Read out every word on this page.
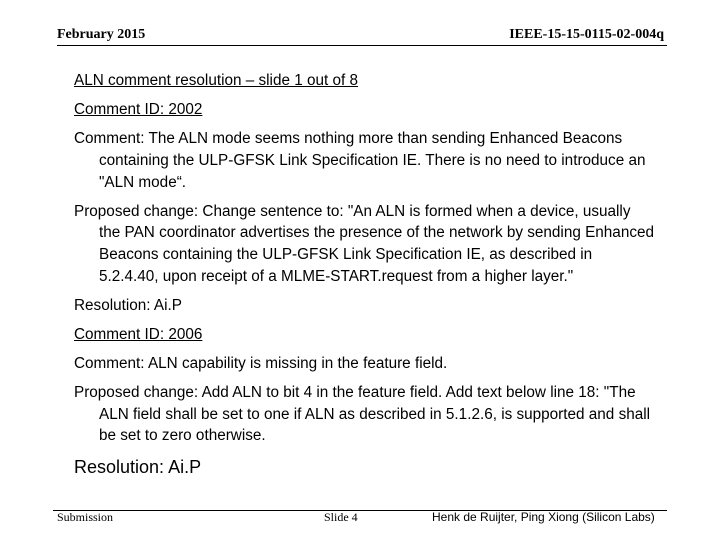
February 2015	IEEE-15-15-0115-02-004q
ALN comment resolution – slide 1 out of 8
Comment ID: 2002
Comment: The ALN mode seems nothing more than sending Enhanced Beacons containing the ULP-GFSK Link Specification IE. There is no need to introduce an "ALN mode“.
Proposed change: Change sentence to: "An ALN is formed when a device, usually the PAN coordinator advertises the presence of the network by sending Enhanced Beacons containing the ULP-GFSK Link Specification IE, as described in 5.2.4.40, upon receipt of a MLME-START.request from a higher layer."
Resolution: Ai.P
Comment ID: 2006
Comment: ALN capability is missing in the feature field.
Proposed change: Add ALN to bit 4 in the feature field. Add text below line 18: "The ALN field shall be set to one if ALN as described in 5.1.2.6, is supported and shall be set to zero otherwise.
Resolution: Ai.P
Submission	Slide 4	Henk de Ruijter, Ping Xiong (Silicon Labs)
